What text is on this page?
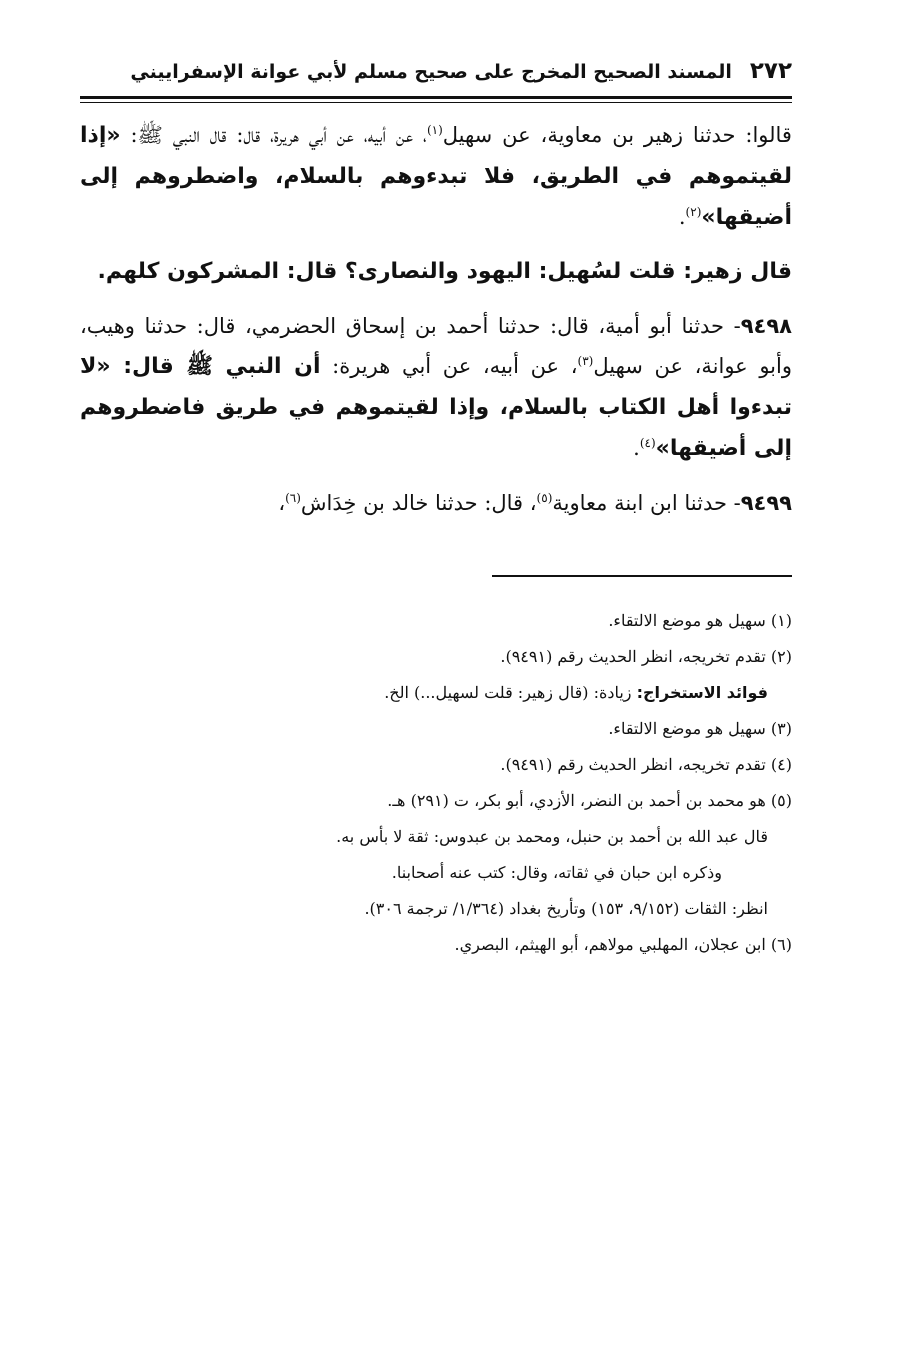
٢٧٢
المسند الصحيح المخرج على صحيح مسلم لأبي عوانة الإسفراييني

قالوا: حدثنا زهير بن معاوية، عن سهيل$^{(١)}$، عن أبيه، عن أبي هريرة، قال: قال النبي ﷺ: «إذا لقيتموهم في الطريق، فلا تبدءوهم بالسلام، واضطروهم إلى أضيقها»$^{(٢)}$.

قال زهير: قلت لسُهيل: اليهود والنصارى؟ قال: المشركون كلهم.

٩٤٩٨- حدثنا أبو أمية، قال: حدثنا أحمد بن إسحاق الحضرمي، قال: حدثنا وهيب، وأبو عوانة، عن سهيل$^{(٣)}$، عن أبيه، عن أبي هريرة: أن النبي ﷺ قال: «لا تبدءوا أهل الكتاب بالسلام، وإذا لقيتموهم في طريق فاضطروهم إلى أضيقها»$^{(٤)}$.

٩٤٩٩- حدثنا ابن ابنة معاوية$^{(٥)}$، قال: حدثنا خالد بن خِدَاش$^{(٦)}$،

(١) سهيل هو موضع الالتقاء.

(٢) تقدم تخريجه، انظر الحديث رقم (٩٤٩١).

فوائد الاستخراج: زيادة: (قال زهير: قلت لسهيل...) الخ.

(٣) سهيل هو موضع الالتقاء.

(٤) تقدم تخريجه، انظر الحديث رقم (٩٤٩١).

(٥) هو محمد بن أحمد بن النضر، الأزدي، أبو بكر، ت (٢٩١) هـ.

قال عبد الله بن أحمد بن حنبل، ومحمد بن عبدوس: ثقة لا بأس به.

وذكره ابن حبان في ثقاته، وقال: كتب عنه أصحابنا.

انظر: الثقات (٩/١٥٢، ١٥٣) وتأريخ بغداد (١/٣٦٤/ ترجمة ٣٠٦).

(٦) ابن عجلان، المهلبي مولاهم، أبو الهيثم، البصري.
